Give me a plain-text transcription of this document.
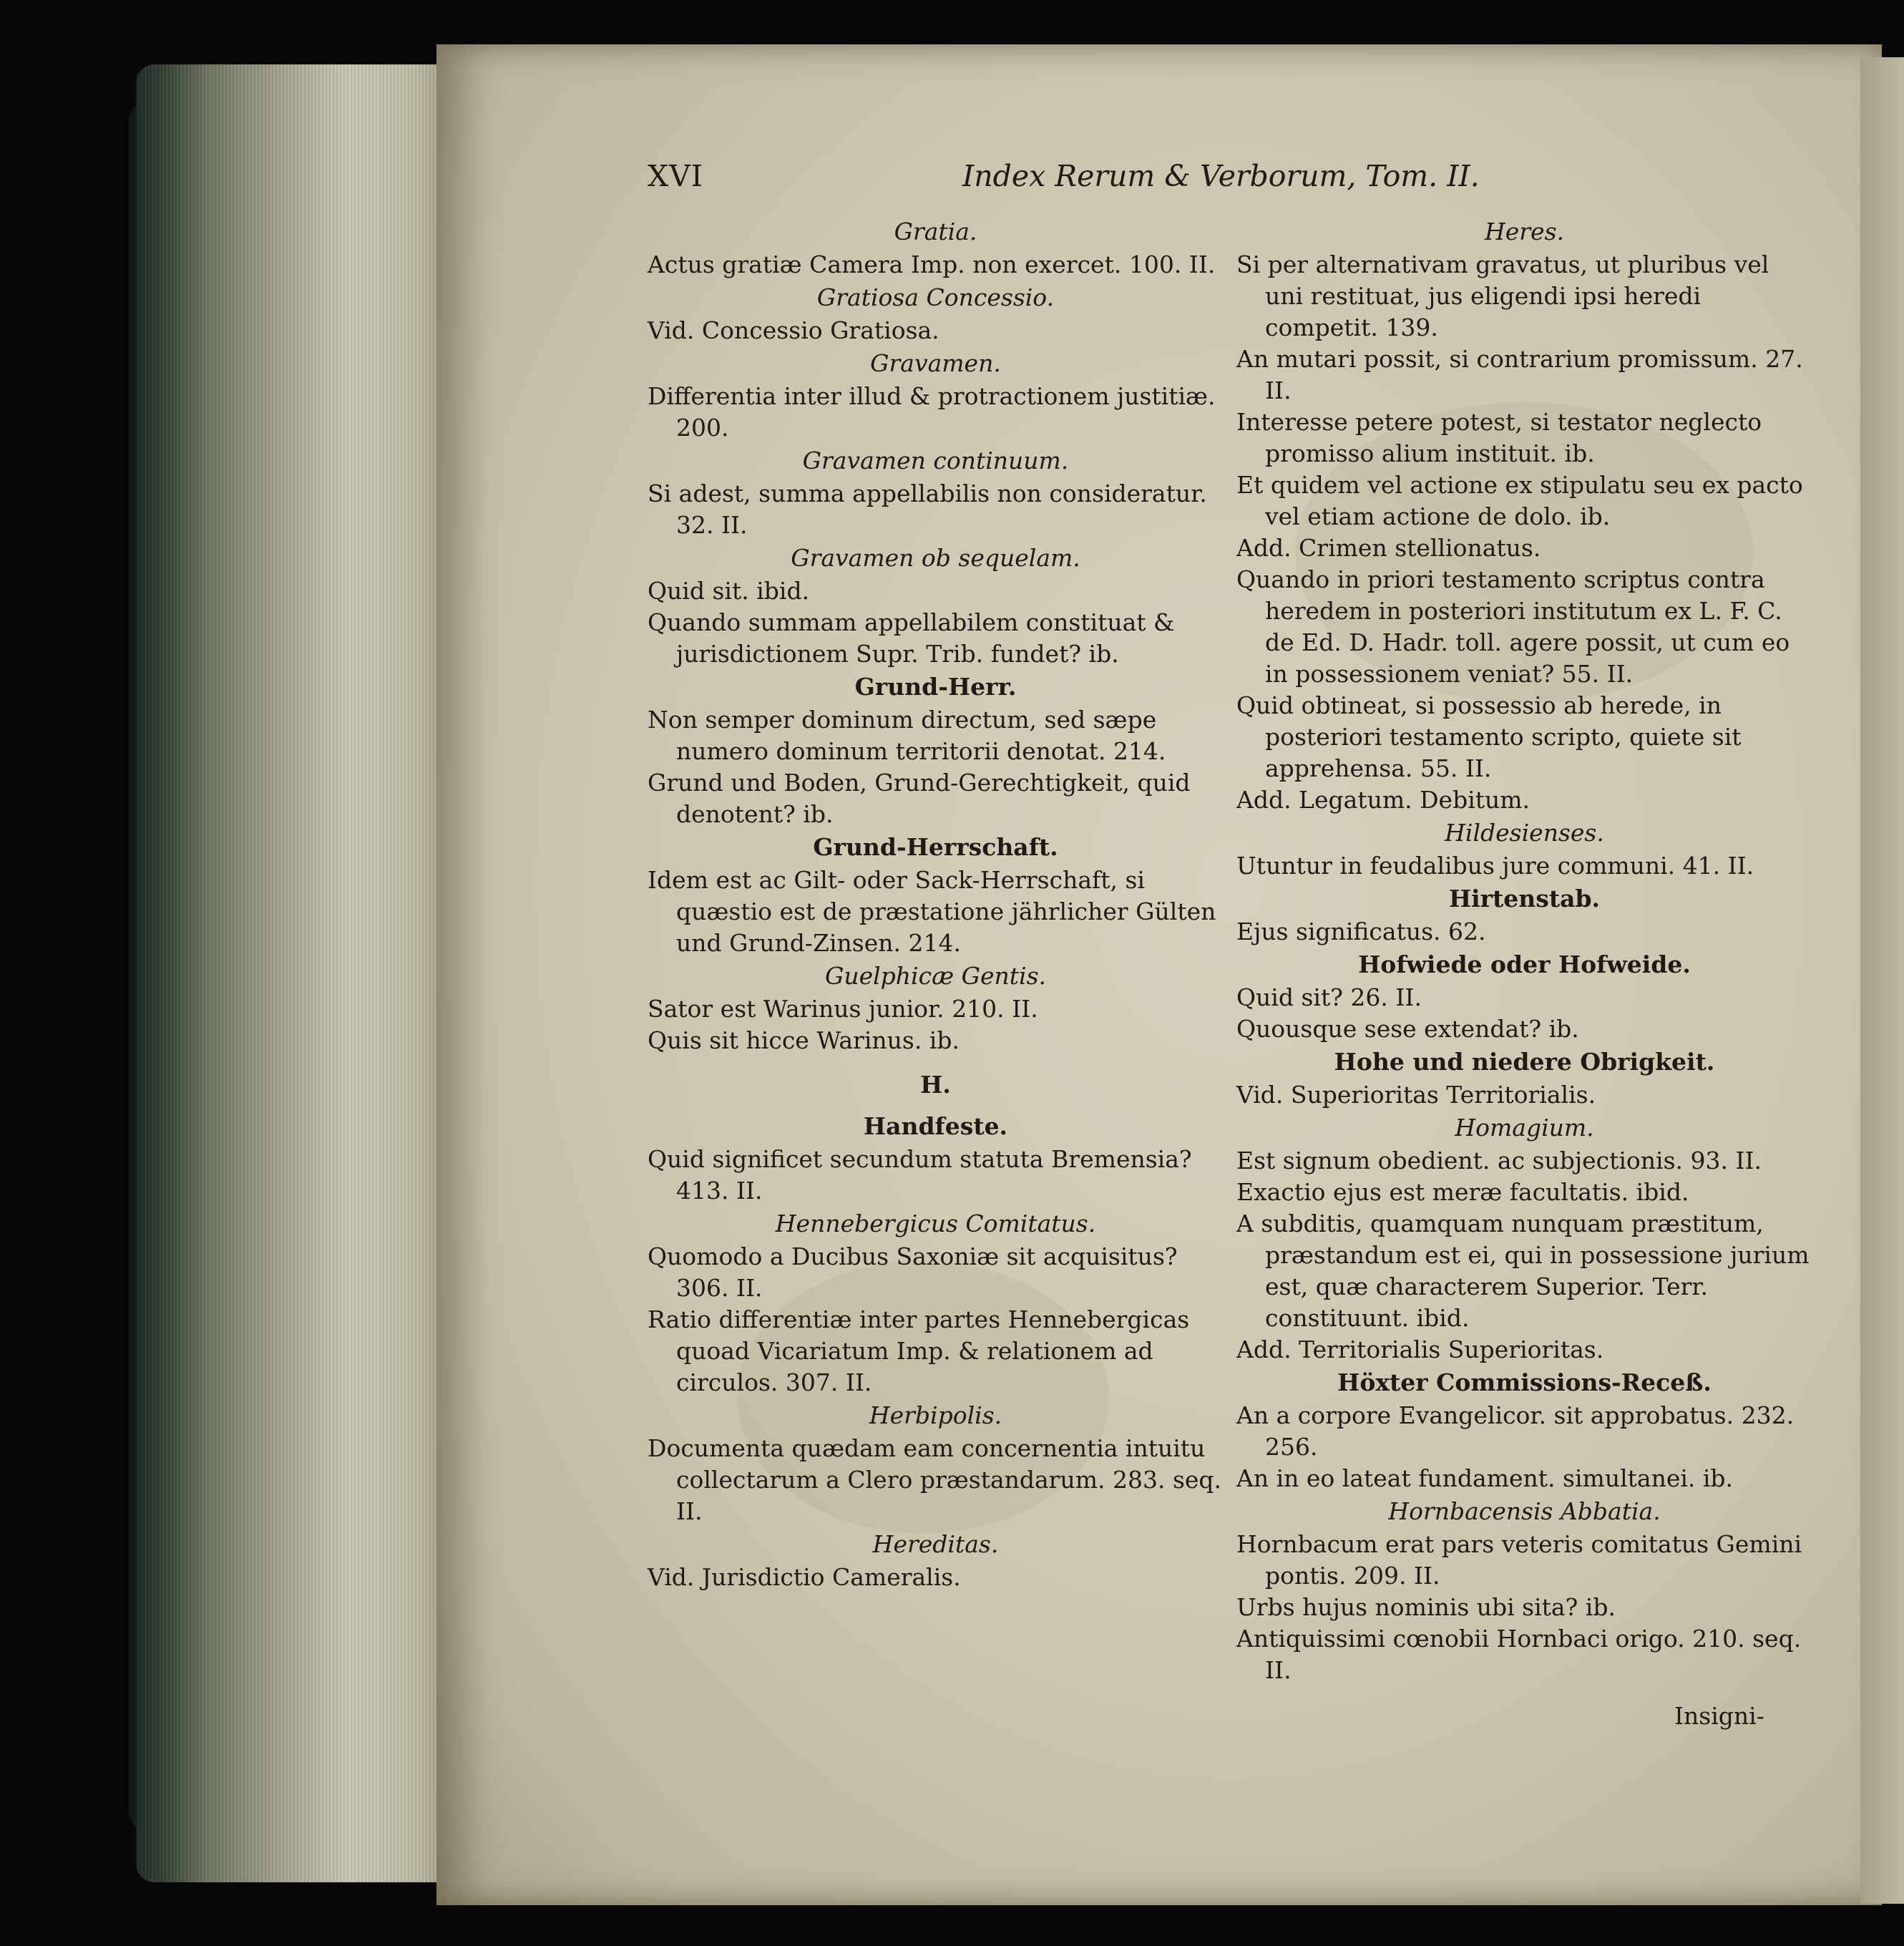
XVI	Index Rerum & Verborum, Tom. II.

Gratia.

Actus gratiæ Camera Imp. non exercet. 100. II.

Gratiosa Concessio.

Vid. Concessio Gratiosa.

Gravamen.

Differentia inter illud & protractionem justitiæ. 200.

Gravamen continuum.

Si adest, summa appellabilis non consideratur. 32. II.

Gravamen ob sequelam.

Quid sit. ibid.

Quando summam appellabilem constituat & jurisdictionem Supr. Trib. fundet? ib.

Grund-Herr.

Non semper dominum directum, sed sæpe numero dominum territorii denotat. 214.

Grund und Boden, Grund-Gerechtigkeit, quid denotent? ib.

Grund-Herrschaft.

Idem est ac Gilt- oder Sack-Herrschaft, si quæstio est de præstatione jährlicher Gülten und Grund-Zinsen. 214.

Guelphicæ Gentis.

Sator est Warinus junior. 210. II.

Quis sit hicce Warinus. ib.

H.

Handfeste.

Quid significet secundum statuta Bremensia? 413. II.

Hennebergicus Comitatus.

Quomodo a Ducibus Saxoniæ sit acquisitus? 306. II.

Ratio differentiæ inter partes Hennebergicas quoad Vicariatum Imp. & relationem ad circulos. 307. II.

Herbipolis.

Documenta quædam eam concernentia intuitu collectarum a Clero præstandarum. 283. seq. II.

Hereditas.

Vid. Jurisdictio Cameralis.

Heres.

Si per alternativam gravatus, ut pluribus vel uni restituat, jus eligendi ipsi heredi competit. 139.

An mutari possit, si contrarium promissum. 27. II.

Interesse petere potest, si testator neglecto promisso alium instituit. ib.

Et quidem vel actione ex stipulatu seu ex pacto vel etiam actione de dolo. ib.

Add. Crimen stellionatus.

Quando in priori testamento scriptus contra heredem in posteriori institutum ex L. F. C. de Ed. D. Hadr. toll. agere possit, ut cum eo in possessionem veniat? 55. II.

Quid obtineat, si possessio ab herede, in posteriori testamento scripto, quiete sit apprehensa. 55. II.

Add. Legatum. Debitum.

Hildesienses.

Utuntur in feudalibus jure communi. 41. II.

Hirtenstab.

Ejus significatus. 62.

Hofwiede oder Hofweide.

Quid sit? 26. II.

Quousque sese extendat? ib.

Hohe und niedere Obrigkeit.

Vid. Superioritas Territorialis.

Homagium.

Est signum obedient. ac subjectionis. 93. II.

Exactio ejus est meræ facultatis. ibid.

A subditis, quamquam nunquam præstitum, præstandum est ei, qui in possessione jurium est, quæ characterem Superior. Terr. constituunt. ibid.

Add. Territorialis Superioritas.

Höxter Commissions-Receß.

An a corpore Evangelicor. sit approbatus. 232. 256.

An in eo lateat fundament. simultanei. ib.

Hornbacensis Abbatia.

Hornbacum erat pars veteris comitatus Gemini pontis. 209. II.

Urbs hujus nominis ubi sita? ib.

Antiquissimi cœnobii Hornbaci origo. 210. seq. II.

Insigni-
